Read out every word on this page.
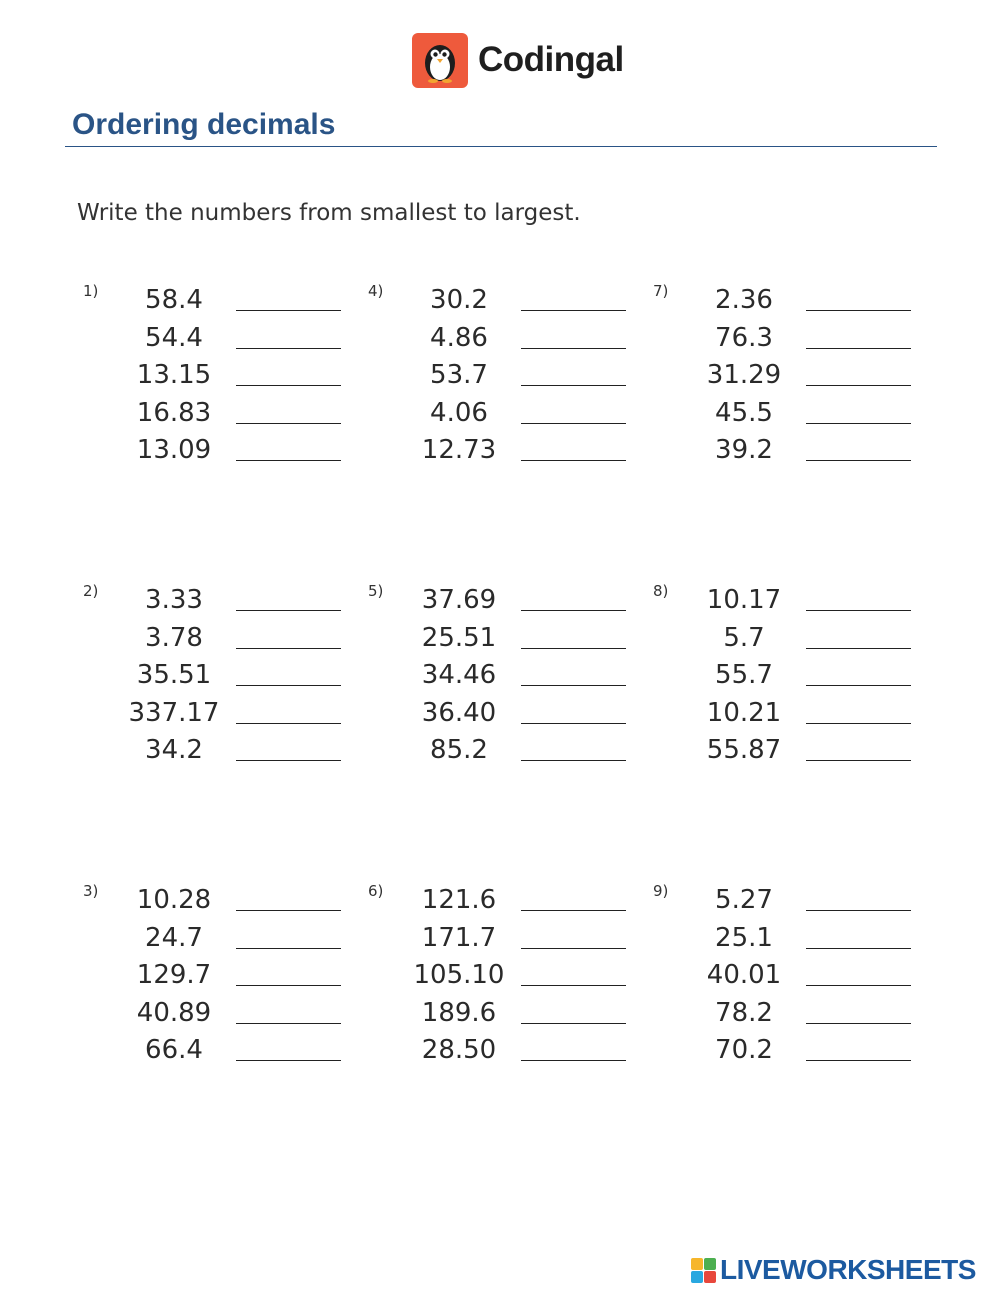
Codingal
Ordering decimals

Write the numbers from smallest to largest.

1)	58.4
54.4
13.15
16.83
13.09
2)	3.33
3.78
35.51
337.17
34.2
3)	10.28
24.7
129.7
40.89
66.4
4)	30.2
4.86
53.7
4.06
12.73
5)	37.69
25.51
34.46
36.40
85.2
6)	121.6
171.7
105.10
189.6
28.50
7)	2.36
76.3
31.29
45.5
39.2
8)	10.17
5.7
55.7
10.21
55.87
9)	5.27
25.1
40.01
78.2
70.2
LIVEWORKSHEETS
